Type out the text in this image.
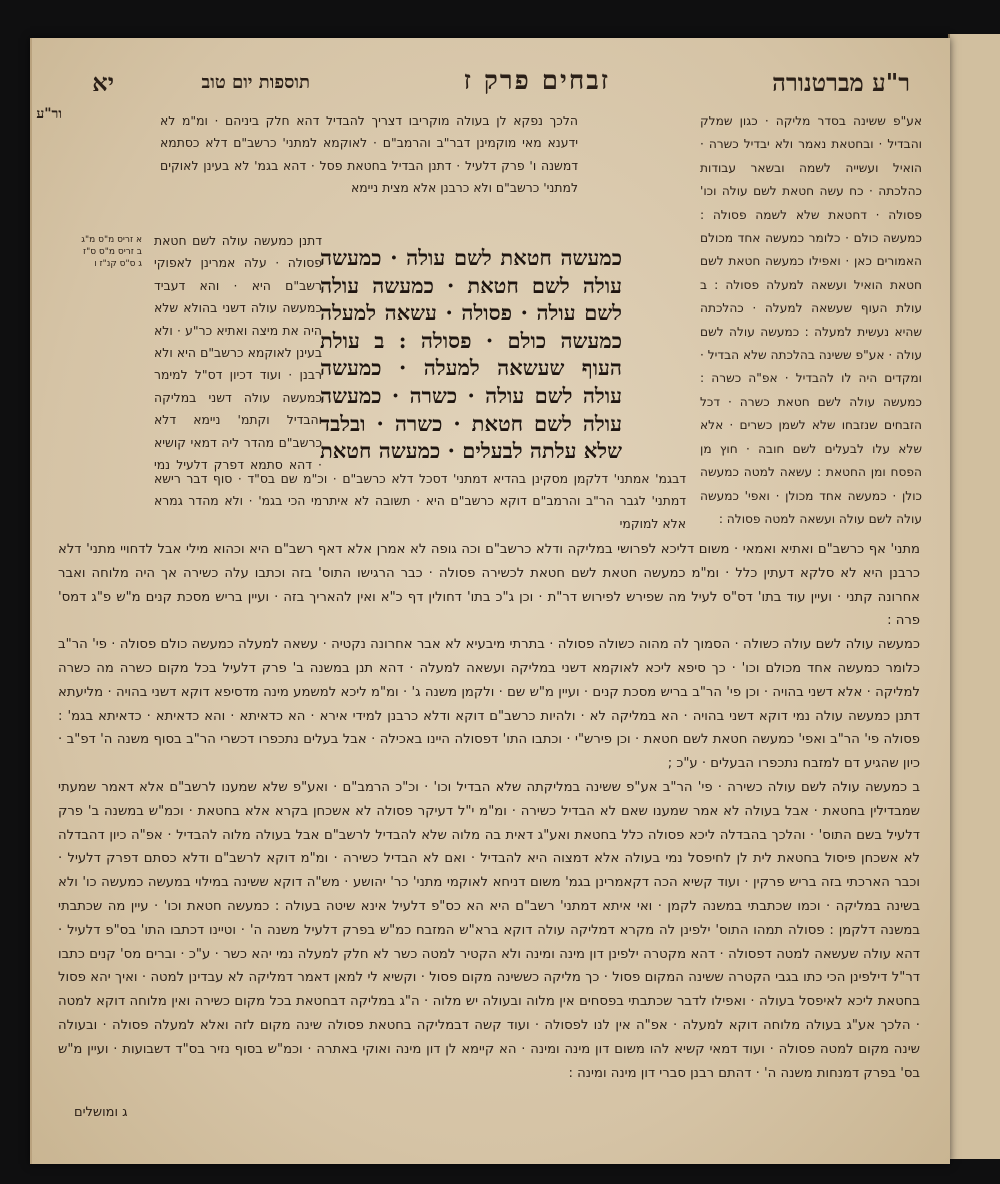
ר"ע מברטנורה
זבחים פרק ז
תוספות יום טוב
יא
ור"ע	אע"פ ששינה בסדר מליקה · כגון שמלק והבדיל · ובחטאת נאמר ולא יבדיל כשרה · הואיל ועשייה לשמה ובשאר עבודות כהלכתה · כח עשה חטאת לשם עולה וכו' פסולה · דחטאת שלא לשמה פסולה : כמעשה כולם · כלומר כמעשה אחד מכולם האמורים כאן · ואפילו כמעשה חטאת לשם חטאת הואיל ועשאה למעלה פסולה : ב עולת העוף שעשאה למעלה · כהלכתה שהיא נעשית למעלה : כמעשה עולה לשם עולה · אע"פ ששינה בהלכתה שלא הבדיל · ומקדים היה לו להבדיל · אפ"ה כשרה : כמעשה עולה לשם חטאת כשרה · דכל הזבחים שנזבחו שלא לשמן כשרים · אלא שלא עלו לבעלים לשם חובה · חוץ מן הפסח ומן החטאת : עשאה למטה כמעשה כולן · כמעשה אחד מכולן · ואפי' כמעשה עולה לשם עולה ועשאה למטה פסולה :

הלכך נפקא לן בעולה מוקריבו דצריך להבדיל דהא חלק ביניהם · ומ"מ לא ידענא מאי מוקמינן דבר"ב והרמב"ם · לאוקמא למתני' כרשב"ם דלא כסתמא דמשנה ו' פרק דלעיל · דתנן הבדיל בחטאת פסל · דהא בגמ' לא בעינן לאוקים למתני' כרשב"ם ולא כרבנן אלא מצית ניימא

דתנן כמעשה עולה לשם חטאת פסולה · עלה אמרינן לאפוקי רשב"ם היא · והא דעביד כמעשה עולה דשני בהולא שלא היה את מיצה ואתיא כר"ע · ולא בעינן לאוקמא כרשב"ם היא ולא רבנן · ועוד דכיון דס"ל למימר כמעשה עולה דשני במליקה והבדיל וקתמ' ניימא דלא כרשב"ם מהדר ליה דמאי קושיא · דהא סתמא דפרק דלעיל נמי

כמעשה חטאת לשם עולה · כמעשה עולה לשם חטאת · כמעשה עולה לשם עולה · פסולה · עשאה למעלה כמעשה כולם · פסולה : ב עולת העוף שעשאה למעלה · כמעשה עולה לשם עולה · כשרה · כמעשה עולה לשם חטאת · כשרה · ובלבד שלא עלתה לבעלים · כמעשה חטאת

דבגמ' אמתני' דלקמן מסקינן בהדיא דמתני' דסכל דלא כרשב"ם · וכ"מ שם בס"ד · סוף דבר רישא דמתני' לגבר הר"ב והרמב"ם דוקא כרשב"ם היא · תשובה לא איתרמי הכי בגמ' · ולא מהדר גמרא אלא למוקמי

א זריס מ"ס מ"ג
ב זריס מ"ס ס"ז
ג ס"ס קנ"ז ו

מתני' אף כרשב"ם ואתיא ואמאי · משום דליכא לפרושי במליקה ודלא כרשב"ם וכה גופה לא אמרן אלא דאף רשב"ם היא וכהוא מילי אבל לדחויי מתני' דלא כרבנן היא לא סלקא דעתין כלל · ומ"מ כמעשה חטאת לשם חטאת לכשירה פסולה · כבר הרגישו התוס' בזה וכתבו עלה כשירה אך היה מלוחה ואבר אחרונה קתני · ועיין עוד בתו' דס"ס לעיל מה שפירש לפירוש דר"ת · וכן ג"כ בתו' דחולין דף כ"א ואין להאריך בזה · ועיין בריש מסכת קנים מ"ש פ"ג דמס' פרה :

כמעשה עולה לשם עולה כשולה · הסמוך לה מהוה כשולה פסולה · בתרתי מיבעיא לא אבר אחרונה נקטיה · עשאה למעלה כמעשה כולם פסולה · פי' הר"ב כלומר כמעשה אחד מכולם וכו' · כך סיפא ליכא לאוקמא דשני במליקה ועשאה למעלה · דהא תנן במשנה ב' פרק דלעיל בכל מקום כשרה מה כשרה למליקה · אלא דשני בהויה · וכן פי' הר"ב בריש מסכת קנים · ועיין מ"ש שם · ולקמן משנה ג' · ומ"מ ליכא למשמע מינה מדסיפא דוקא דשני בהויה · מליעתא דתנן כמעשה עולה נמי דוקא דשני בהויה · הא במליקה לא · ולהיות כרשב"ם דוקא ודלא כרבנן למידי אירא · הא כדאיתא · והא כדאיתא · כדאיתא בגמ' : פסולה פי' הר"ב ואפי' כמעשה חטאת לשם חטאת · וכן פירש"י · וכתבו התו' דפסולה היינו באכילה · אבל בעלים נתכפרו דכשרי הר"ב בסוף משנה ה' דפ"ב · כיון שהגיע דם למזבח נתכפרו הבעלים · ע"כ ;

ב כמעשה עולה לשם עולה כשירה · פי' הר"ב אע"פ ששינה במליקתה שלא הבדיל וכו' · וכ"כ הרמב"ם · ואע"פ שלא שמענו לרשב"ם אלא דאמר שמעתי שמבדילין בחטאת · אבל בעולה לא אמר שמענו שאם לא הבדיל כשירה · ומ"מ י"ל דעיקר פסולה לא אשכחן בקרא אלא בחטאת · וכמ"ש במשנה ב' פרק דלעיל בשם התוס' · והלכך בהבדלה ליכא פסולה כלל בחטאת ואע"ג דאית בה מלוה שלא להבדיל לרשב"ם אבל בעולה מלוה להבדיל · אפ"ה כיון דהבדלה לא אשכחן פיסול בחטאת לית לן לחיפסל נמי בעולה אלא דמצוה היא להבדיל · ואם לא הבדיל כשירה · ומ"מ דוקא לרשב"ם ודלא כסתם דפרק דלעיל · וכבר הארכתי בזה בריש פרקין · ועוד קשיא הכה דקאמרינן בגמ' משום דניחא לאוקמי מתני' כר' יהושע · מש"ה דוקא ששינה במילוי במעשה כמעשה כו' ולא בשינה במליקה · וכמו שכתבתי במשנה לקמן · ואי איתא דמתני' רשב"ם היא הא כס"פ דלעיל אינא שיטה בעולה : כמעשה חטאת וכו' · עיין מה שכתבתי במשנה דלקמן : פסולה תמהו התוס' ילפינן לה מקרא דמליקה עולה דוקא ברא"ש המזבח כמ"ש בפרק דלעיל משנה ה' · וטיינו דכתבו התו' בס"פ דלעיל · דהא עולה שעשאה למטה דפסולה · דהא מקטרה ילפינן דון מינה ומינה ולא הקטיר למטה כשר לא חלק למעלה נמי יהא כשר · ע"כ · וברים מס' קנים כתבו דר"ל דילפינן הכי כתו בגבי הקטרה ששינה המקום פסול · כך מליקה כששינה מקום פסול · וקשיא לי למאן דאמר דמליקה לא עבדינן למטה · ואיך יהא פסול בחטאת ליכא לאיפסל בעולה · ואפילו לדבר שכתבתי בפסחים אין מלוה ובעולה יש מלוה · ה"ג במליקה דבחטאת בכל מקום כשירה ואין מלוחה דוקא למטה · הלכך אע"ג בעולה מלוחה דוקא למעלה · אפ"ה אין לנו לפסולה · ועוד קשה דבמליקה בחטאת פסולה שינה מקום לזה ואלא למעלה פסולה · ובעולה שינה מקום למטה פסולה · ועוד דמאי קשיא להו משום דון מינה ומינה · הא קיימא לן דון מינה ואוקי באתרה · וכמ"ש בסוף נזיר בס"ד דשבועות · ועיין מ"ש בס' בפרק דמנחות משנה ה' · דהתם רבנן סברי דון מינה ומינה :

ג ומושלים
